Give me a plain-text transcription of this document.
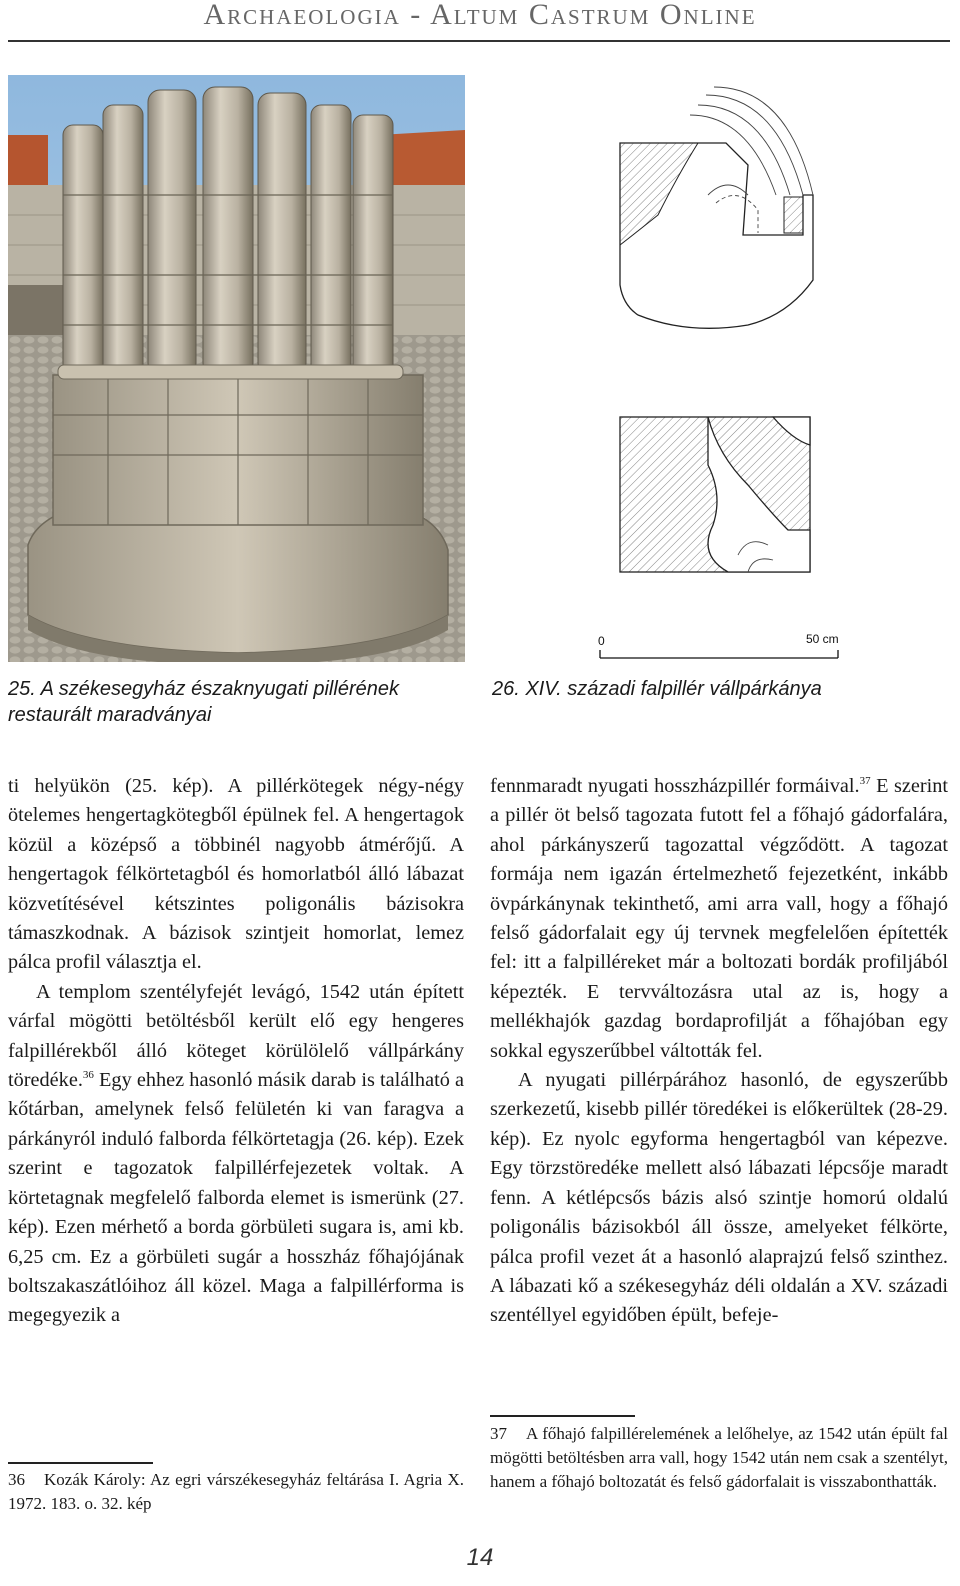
Archaeologia - Altum Castrum Online
0	50 cm
25. A székesegyház északnyugati pillérének restaurált maradványai
26. XIV. századi falpillér vállpárkánya

ti helyükön (25. kép). A pillérkötegek négy-négy ötelemes hengertagkötegből épülnek fel. A hengertagok közül a középső a többinél nagyobb átmérőjű. A hengertagok félkörtetagból és homorlatból álló lábazat közvetítésével kétszintes poligonális bázisokra támaszkodnak. A bázisok szintjeit homorlat, lemez pálca profil választja el.

A templom szentélyfejét levágó, 1542 után épített várfal mögötti betöltésből került elő egy hengeres falpillérekből álló köteget körülölelő vállpárkány töredéke.$^{36}$ Egy ehhez hasonló másik darab is található a kőtárban, amelynek felső felületén ki van faragva a párkányról induló falborda félkörtetagja (26. kép). Ezek szerint e tagozatok falpillérfejezetek voltak. A körtetagnak megfelelő falborda elemet is ismerünk (27. kép). Ezen mérhető a borda görbületi sugara is, ami kb. 6,25 cm. Ez a görbületi sugár a hosszház főhajójának boltszakaszátlóihoz áll közel. Maga a falpillérforma is megegyezik a

fennmaradt nyugati hosszházpillér formáival.$^{37}$ E szerint a pillér öt belső tagozata futott fel a főhajó gádorfalára, ahol párkányszerű tagozattal végződött. A tagozat formája nem igazán értelmezhető fejezetként, inkább övpárkánynak tekinthető, ami arra vall, hogy a főhajó felső gádorfalait egy új tervnek megfelelően építették fel: itt a falpilléreket már a boltozati bordák profiljából képezték. E tervváltozásra utal az is, hogy a mellékhajók gazdag bordaprofilját a főhajóban egy sokkal egyszerűbbel váltották fel.

A nyugati pillérpárához hasonló, de egyszerűbb szerkezetű, kisebb pillér töredékei is előkerültek (28-29. kép). Ez nyolc egyforma hengertagból van képezve. Egy törzstöredéke mellett alsó lábazati lépcsője maradt fenn. A kétlépcsős bázis alsó szintje homorú oldalú poligonális bázisokból áll össze, amelyeket félkörte, pálca profil vezet át a hasonló alaprajzú felső szinthez. A lábazati kő a székesegyház déli oldalán a XV. századi szentéllyel egyidőben épült, befeje-

37 A főhajó falpillérelemének a lelőhelye, az 1542 után épült fal mögötti betöltésben arra vall, hogy 1542 után nem csak a szentélyt, hanem a főhajó boltozatát és felső gádorfalait is visszabonthatták.
36 Kozák Károly: Az egri várszékesegyház feltárása I. Agria X. 1972. 183. o. 32. kép
14
